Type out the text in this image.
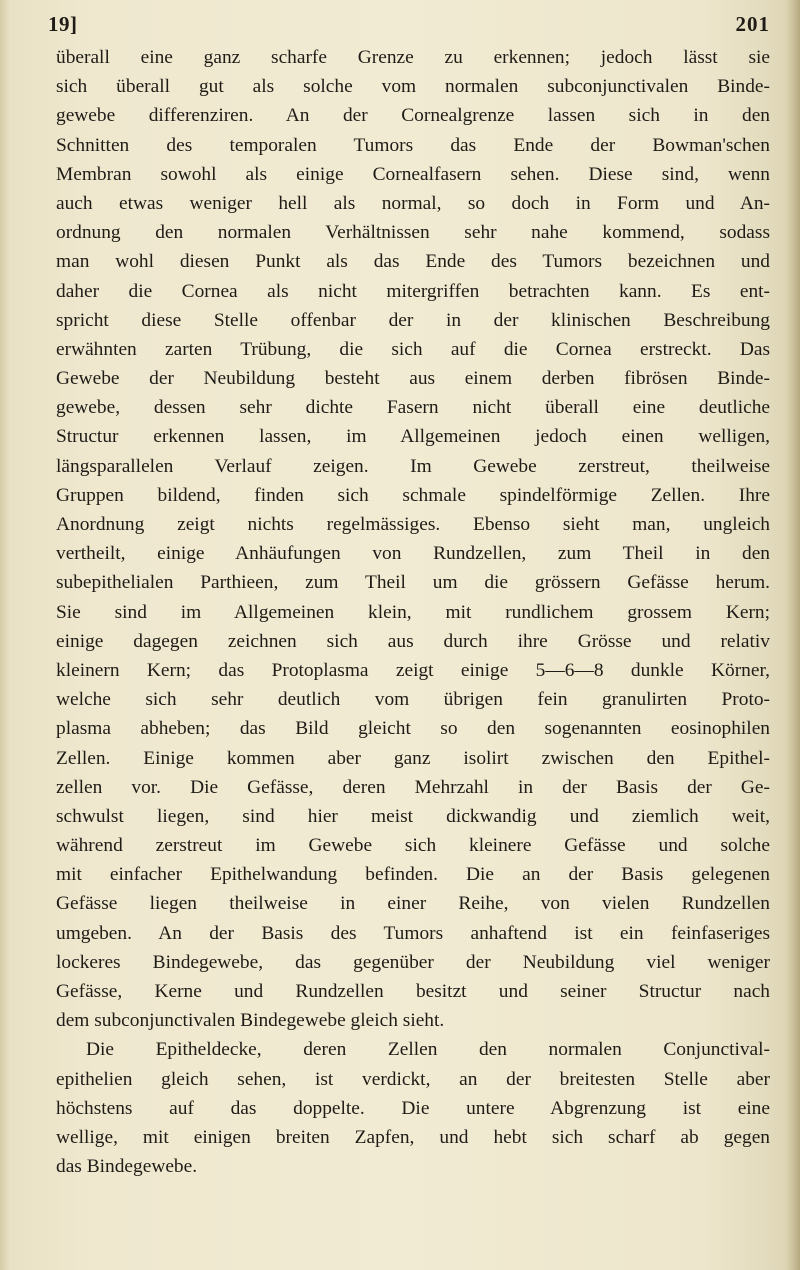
19]	201
überall eine ganz scharfe Grenze zu erkennen; jedoch lässt sie
sich überall gut als solche vom normalen subconjunctivalen Binde-
gewebe differenziren. An der Cornealgrenze lassen sich in den
Schnitten des temporalen Tumors das Ende der Bowman'schen
Membran sowohl als einige Cornealfasern sehen. Diese sind, wenn
auch etwas weniger hell als normal, so doch in Form und An-
ordnung den normalen Verhältnissen sehr nahe kommend, sodass
man wohl diesen Punkt als das Ende des Tumors bezeichnen und
daher die Cornea als nicht mitergriffen betrachten kann. Es ent-
spricht diese Stelle offenbar der in der klinischen Beschreibung
erwähnten zarten Trübung, die sich auf die Cornea erstreckt. Das
Gewebe der Neubildung besteht aus einem derben fibrösen Binde-
gewebe, dessen sehr dichte Fasern nicht überall eine deutliche
Structur erkennen lassen, im Allgemeinen jedoch einen welligen,
längsparallelen Verlauf zeigen. Im Gewebe zerstreut, theilweise
Gruppen bildend, finden sich schmale spindelförmige Zellen. Ihre
Anordnung zeigt nichts regelmässiges. Ebenso sieht man, ungleich
vertheilt, einige Anhäufungen von Rundzellen, zum Theil in den
subepithelialen Parthieen, zum Theil um die grössern Gefässe herum.
Sie sind im Allgemeinen klein, mit rundlichem grossem Kern;
einige dagegen zeichnen sich aus durch ihre Grösse und relativ
kleinern Kern; das Protoplasma zeigt einige 5—6—8 dunkle Körner,
welche sich sehr deutlich vom übrigen fein granulirten Proto-
plasma abheben; das Bild gleicht so den sogenannten eosinophilen
Zellen. Einige kommen aber ganz isolirt zwischen den Epithel-
zellen vor. Die Gefässe, deren Mehrzahl in der Basis der Ge-
schwulst liegen, sind hier meist dickwandig und ziemlich weit,
während zerstreut im Gewebe sich kleinere Gefässe und solche
mit einfacher Epithelwandung befinden. Die an der Basis gelegenen
Gefässe liegen theilweise in einer Reihe, von vielen Rundzellen
umgeben. An der Basis des Tumors anhaftend ist ein feinfaseriges
lockeres Bindegewebe, das gegenüber der Neubildung viel weniger
Gefässe, Kerne und Rundzellen besitzt und seiner Structur nach
dem subconjunctivalen Bindegewebe gleich sieht.
Die Epitheldecke, deren Zellen den normalen Conjunctival-
epithelien gleich sehen, ist verdickt, an der breitesten Stelle aber
höchstens auf das doppelte. Die untere Abgrenzung ist eine
wellige, mit einigen breiten Zapfen, und hebt sich scharf ab gegen
das Bindegewebe.
